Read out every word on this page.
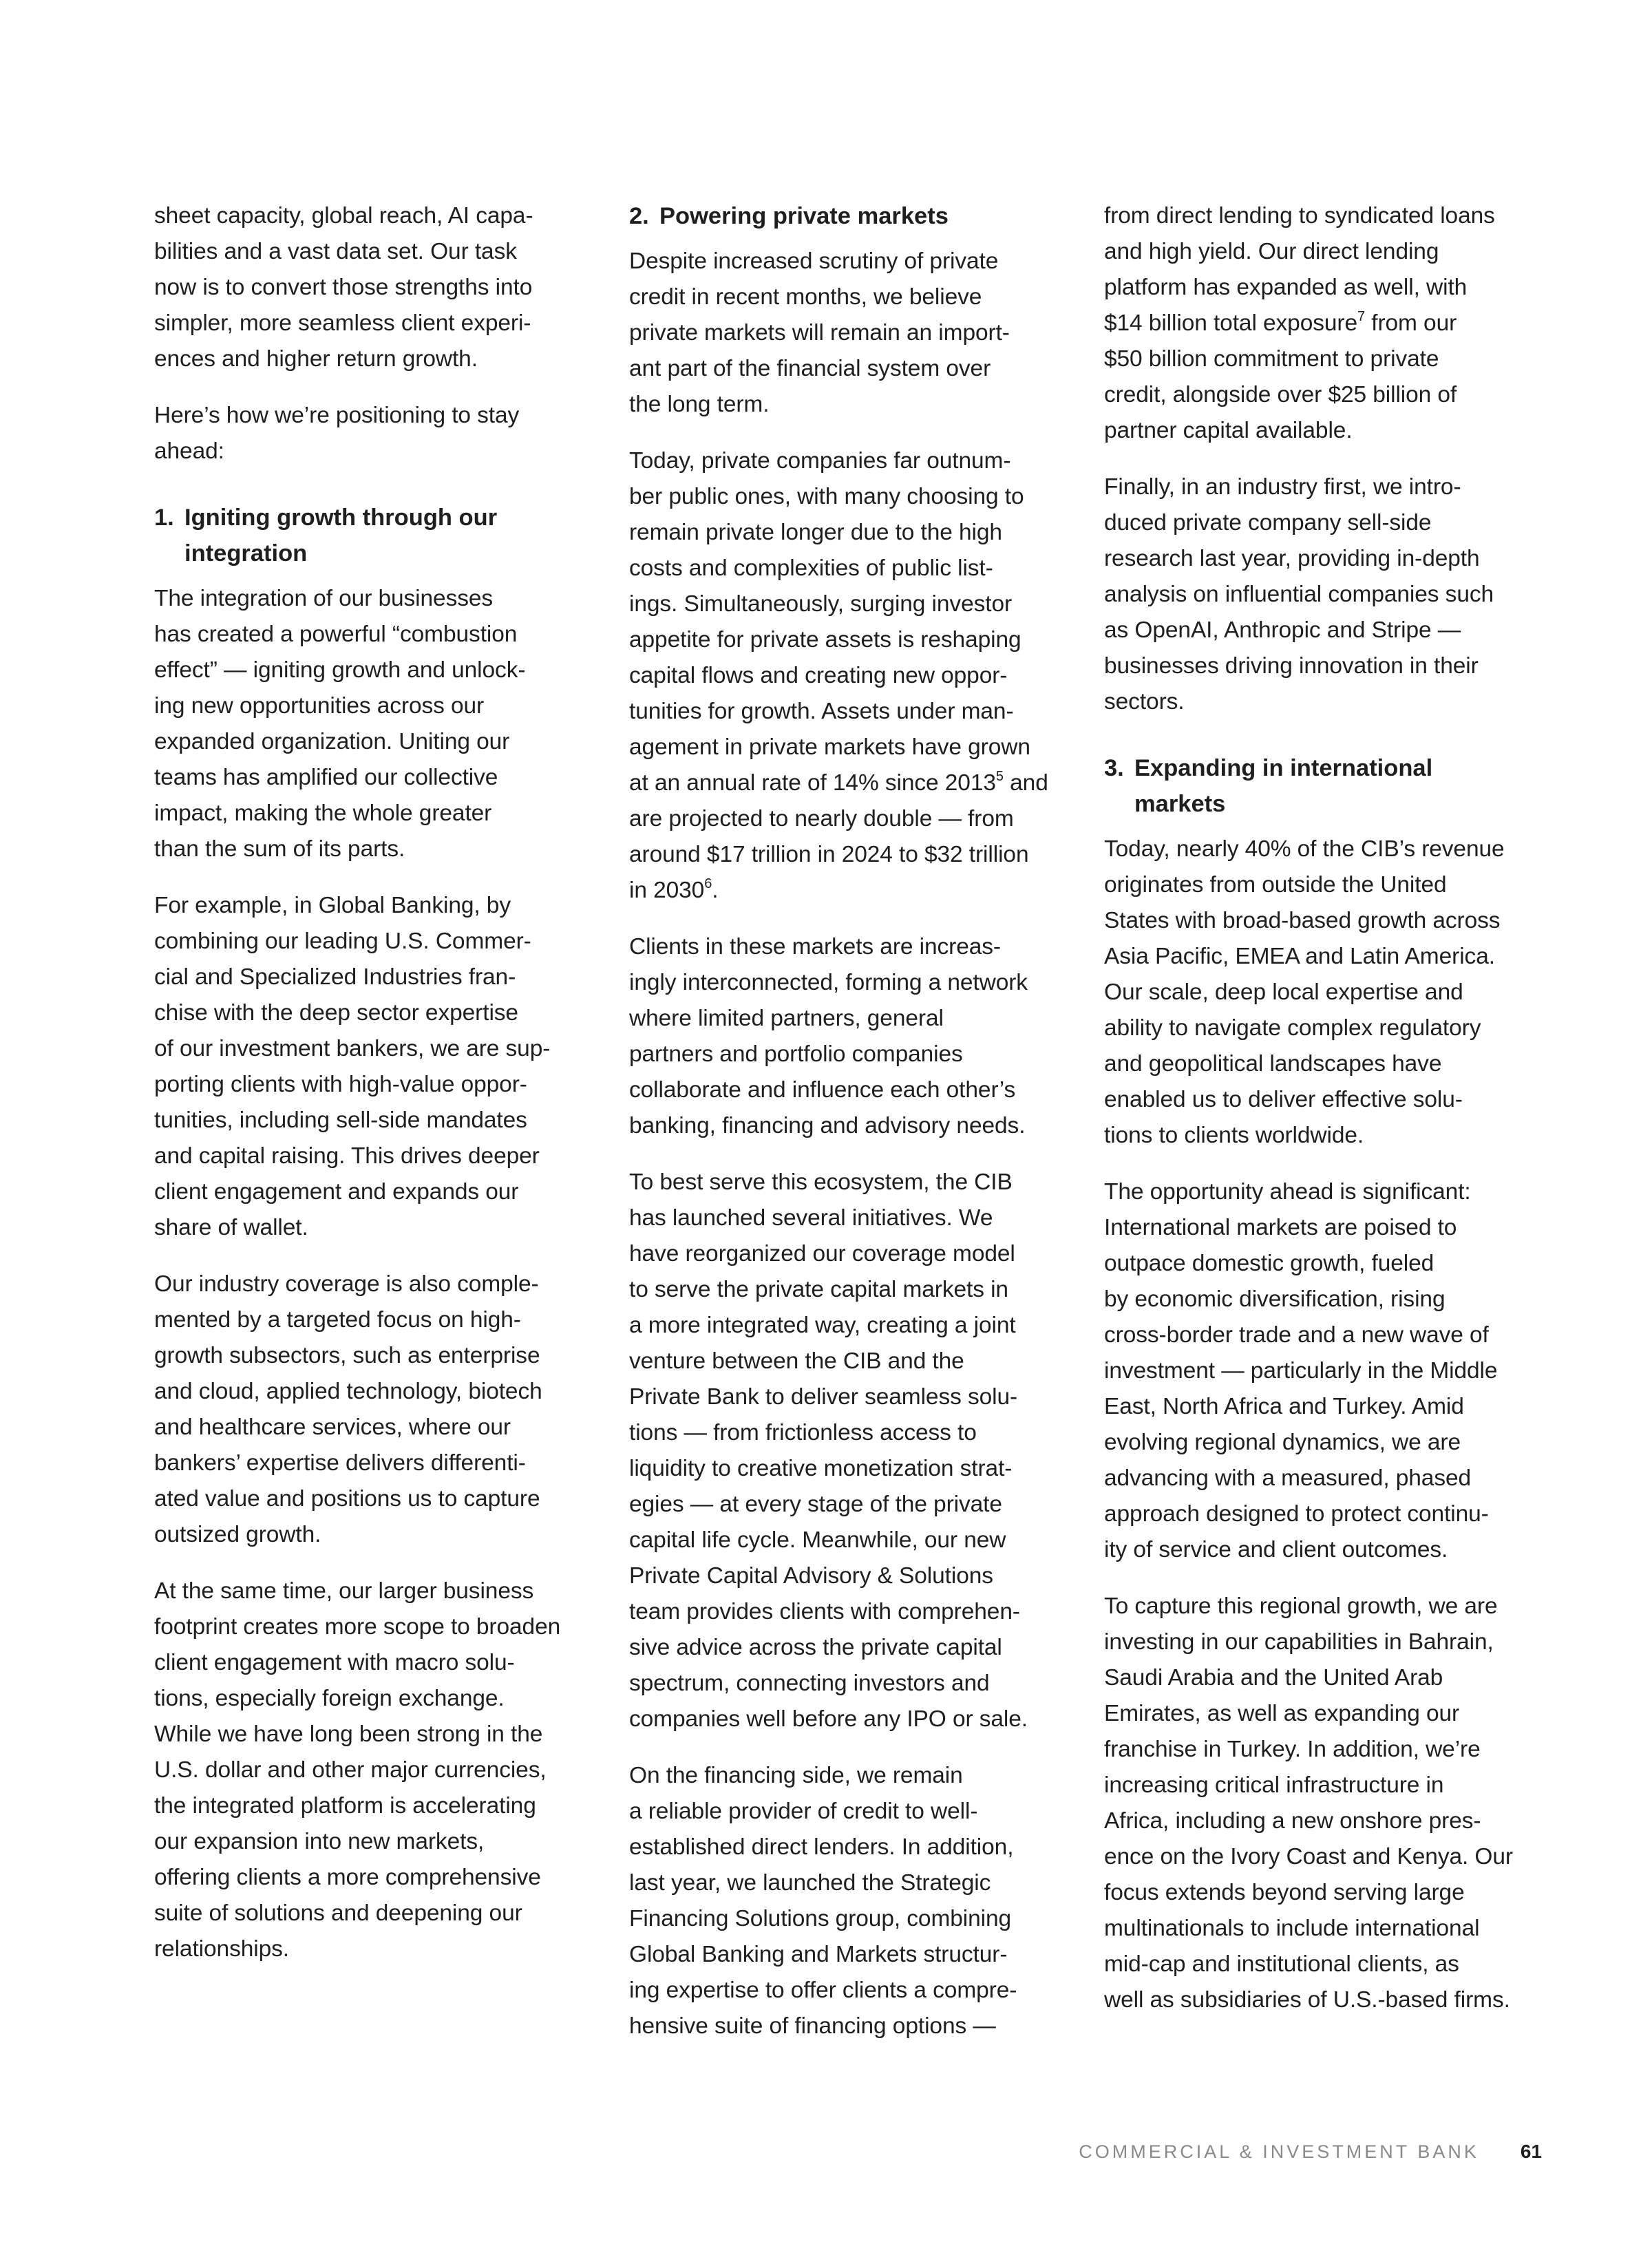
sheet capacity, global reach, AI capa-
bilities and a vast data set. Our task
now is to convert those strengths into
simpler, more seamless client experi-
ences and higher return growth.

Here’s how we’re positioning to stay
ahead:

1. Igniting growth through our
integration

The integration of our businesses
has created a powerful “combustion
effect” — igniting growth and unlock-
ing new opportunities across our
expanded organization. Uniting our
teams has amplified our collective
impact, making the whole greater
than the sum of its parts.

For example, in Global Banking, by
combining our leading U.S. Commer-
cial and Specialized Industries fran-
chise with the deep sector expertise
of our investment bankers, we are sup-
porting clients with high-value oppor-
tunities, including sell-side mandates
and capital raising. This drives deeper
client engagement and expands our
share of wallet.

Our industry coverage is also comple-
mented by a targeted focus on high-
growth subsectors, such as enterprise
and cloud, applied technology, biotech
and healthcare services, where our
bankers’ expertise delivers differenti-
ated value and positions us to capture
outsized growth.

At the same time, our larger business
footprint creates more scope to broaden
client engagement with macro solu-
tions, especially foreign exchange.
While we have long been strong in the
U.S. dollar and other major currencies,
the integrated platform is accelerating
our expansion into new markets,
offering clients a more comprehensive
suite of solutions and deepening our
relationships.

2. Powering private markets

Despite increased scrutiny of private
credit in recent months, we believe
private markets will remain an import-
ant part of the financial system over
the long term.

Today, private companies far outnum-
ber public ones, with many choosing to
remain private longer due to the high
costs and complexities of public list-
ings. Simultaneously, surging investor
appetite for private assets is reshaping
capital flows and creating new oppor-
tunities for growth. Assets under man-
agement in private markets have grown
at an annual rate of 14% since 2013$^5$ and
are projected to nearly double — from
around $17 trillion in 2024 to $32 trillion
in 2030$^6$.

Clients in these markets are increas-
ingly interconnected, forming a network
where limited partners, general
partners and portfolio companies
collaborate and influence each other’s
banking, financing and advisory needs.

To best serve this ecosystem, the CIB
has launched several initiatives. We
have reorganized our coverage model
to serve the private capital markets in
a more integrated way, creating a joint
venture between the CIB and the
Private Bank to deliver seamless solu-
tions — from frictionless access to
liquidity to creative monetization strat-
egies — at every stage of the private
capital life cycle. Meanwhile, our new
Private Capital Advisory & Solutions
team provides clients with comprehen-
sive advice across the private capital
spectrum, connecting investors and
companies well before any IPO or sale.

On the financing side, we remain
a reliable provider of credit to well-
established direct lenders. In addition,
last year, we launched the Strategic
Financing Solutions group, combining
Global Banking and Markets structur-
ing expertise to offer clients a compre-
hensive suite of financing options —

from direct lending to syndicated loans
and high yield. Our direct lending
platform has expanded as well, with
$14 billion total exposure$^7$ from our
$50 billion commitment to private
credit, alongside over $25 billion of
partner capital available.

Finally, in an industry first, we intro-
duced private company sell-side
research last year, providing in-depth
analysis on influential companies such
as OpenAI, Anthropic and Stripe —
businesses driving innovation in their
sectors.

3. Expanding in international
markets

Today, nearly 40% of the CIB’s revenue
originates from outside the United
States with broad-based growth across
Asia Pacific, EMEA and Latin America.
Our scale, deep local expertise and
ability to navigate complex regulatory
and geopolitical landscapes have
enabled us to deliver effective solu-
tions to clients worldwide.

The opportunity ahead is significant:
International markets are poised to
outpace domestic growth, fueled
by economic diversification, rising
cross-border trade and a new wave of
investment — particularly in the Middle
East, North Africa and Turkey. Amid
evolving regional dynamics, we are
advancing with a measured, phased
approach designed to protect continu-
ity of service and client outcomes.

To capture this regional growth, we are
investing in our capabilities in Bahrain,
Saudi Arabia and the United Arab
Emirates, as well as expanding our
franchise in Turkey. In addition, we’re
increasing critical infrastructure in
Africa, including a new onshore pres-
ence on the Ivory Coast and Kenya. Our
focus extends beyond serving large
multinationals to include international
mid-cap and institutional clients, as
well as subsidiaries of U.S.-based firms.

COMMERCIAL & INVESTMENT BANK 61
